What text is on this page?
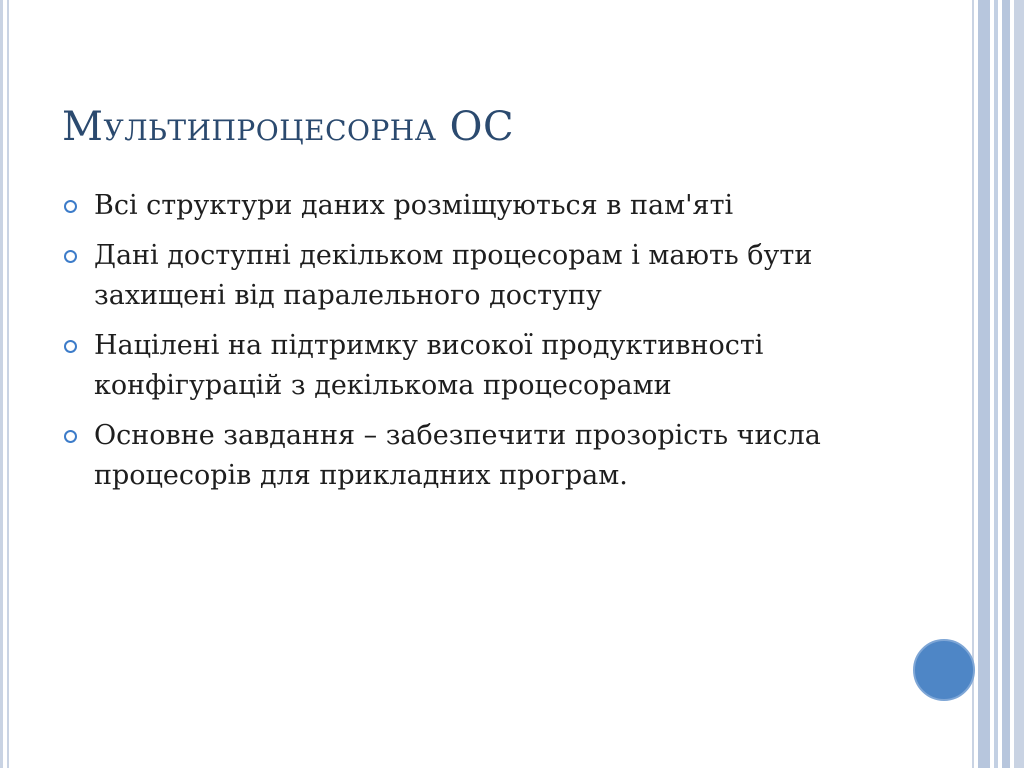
Мультипроцесорна ОС
Всі структури даних розміщуються в пам'яті
Дані доступні декільком процесорам і мають бути захищені від паралельного доступу
Націлені на підтримку високої продуктивності конфігурацій з декількома процесорами
Основне завдання – забезпечити прозорість числа процесорів для прикладних програм.
